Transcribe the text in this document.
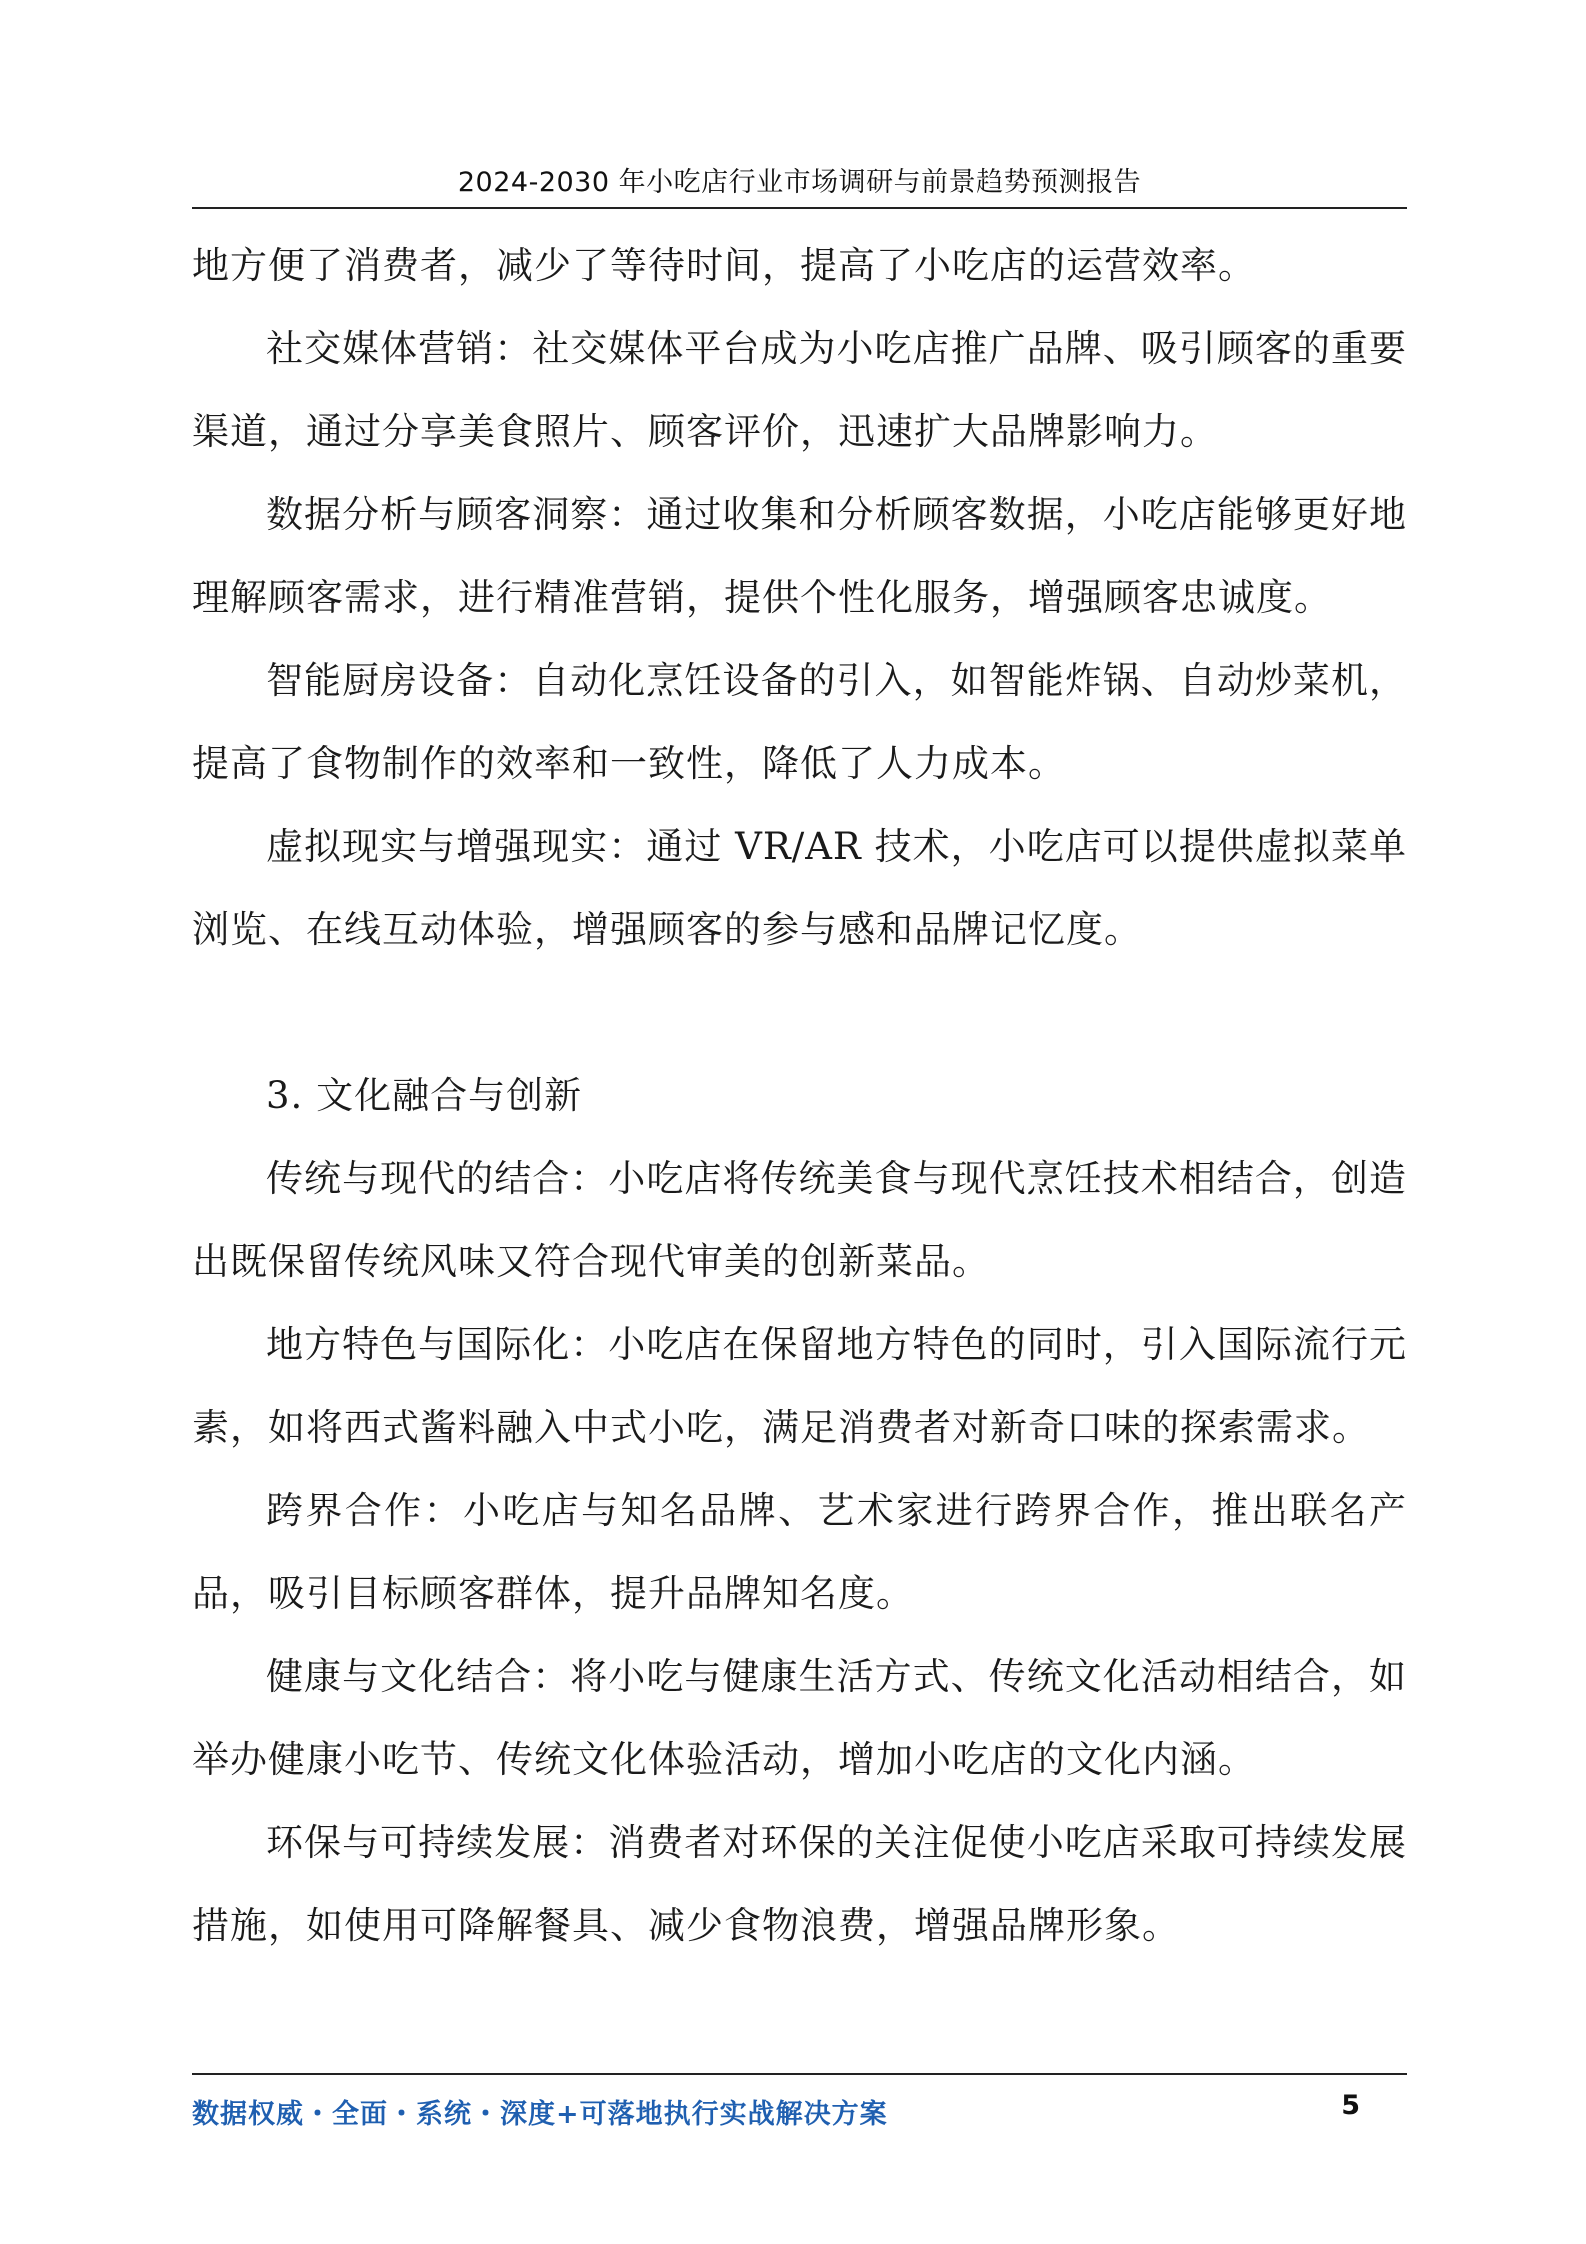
2024-2030 年小吃店行业市场调研与前景趋势预测报告

地方便了消费者，减少了等待时间，提高了小吃店的运营效率。

社交媒体营销：社交媒体平台成为小吃店推广品牌、吸引顾客的重要渠道，通过分享美食照片、顾客评价，迅速扩大品牌影响力。

数据分析与顾客洞察：通过收集和分析顾客数据，小吃店能够更好地理解顾客需求，进行精准营销，提供个性化服务，增强顾客忠诚度。

智能厨房设备：自动化烹饪设备的引入，如智能炸锅、自动炒菜机，提高了食物制作的效率和一致性，降低了人力成本。

虚拟现实与增强现实：通过 VR/AR 技术，小吃店可以提供虚拟菜单浏览、在线互动体验，增强顾客的参与感和品牌记忆度。

3. 文化融合与创新

传统与现代的结合：小吃店将传统美食与现代烹饪技术相结合，创造出既保留传统风味又符合现代审美的创新菜品。

地方特色与国际化：小吃店在保留地方特色的同时，引入国际流行元素，如将西式酱料融入中式小吃，满足消费者对新奇口味的探索需求。

跨界合作：小吃店与知名品牌、艺术家进行跨界合作，推出联名产品，吸引目标顾客群体，提升品牌知名度。

健康与文化结合：将小吃与健康生活方式、传统文化活动相结合，如举办健康小吃节、传统文化体验活动，增加小吃店的文化内涵。

环保与可持续发展：消费者对环保的关注促使小吃店采取可持续发展措施，如使用可降解餐具、减少食物浪费，增强品牌形象。

数据权威・全面・系统・深度+可落地执行实战解决方案	5
